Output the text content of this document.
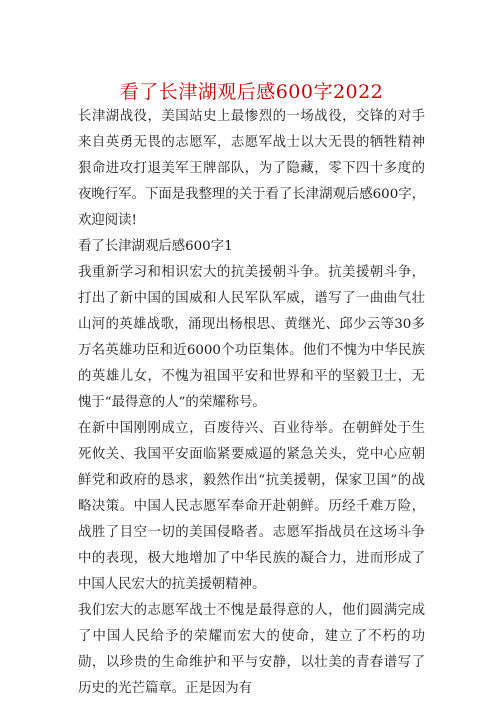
看了长津湖观后感600字2022

长津湖战役，美国站史上最惨烈的一场战役，交锋的对手来自英勇无畏的志愿军，志愿军战士以大无畏的牺牲精神狠命进攻打退美军王牌部队，为了隐藏，零下四十多度的夜晚行军。下面是我整理的关于看了长津湖观后感600字，欢迎阅读!

看了长津湖观后感600字1

我重新学习和相识宏大的抗美援朝斗争。抗美援朝斗争，打出了新中国的国威和人民军队军威，谱写了一曲曲气壮山河的英雄战歌，涌现出杨根思、黄继光、邱少云等30多万名英雄功臣和近6000个功臣集体。他们不愧为中华民族的英雄儿女，不愧为祖国平安和世界和平的坚毅卫士，无愧于“最得意的人”的荣耀称号。

在新中国刚刚成立，百废待兴、百业待举。在朝鲜处于生死攸关、我国平安面临紧要威逼的紧急关头，党中心应朝鲜党和政府的恳求，毅然作出“抗美援朝，保家卫国”的战略决策。中国人民志愿军奉命开赴朝鲜。历经千难万险，战胜了目空一切的美国侵略者。志愿军指战员在这场斗争中的表现，极大地增加了中华民族的凝合力，进而形成了中国人民宏大的抗美援朝精神。

我们宏大的志愿军战士不愧是最得意的人，他们圆满完成了中国人民给予的荣耀而宏大的使命，建立了不朽的功勋，以珍贵的生命维护和平与安静，以壮美的青春谱写了历史的光芒篇章。正是因为有
